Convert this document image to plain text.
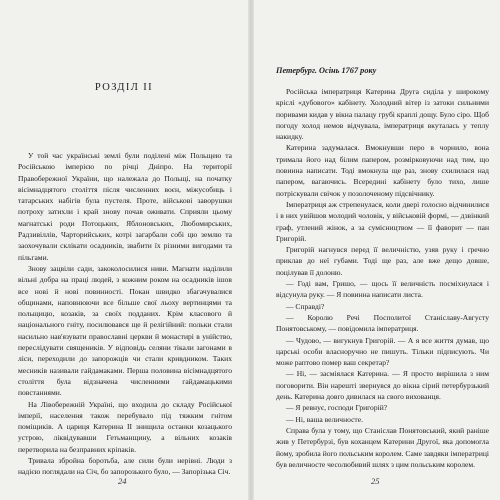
РОЗДІЛ ІІ

У той час українські землі були поділені між Польщею та Російською імперією по річці Дніпро. На території Правобережної України, що належала до Польщі, на початку вісімнадцятого століття після численних воєн, міжусобиць і татарських набігів була пустеля. Проте, військові заворушки потроху затихли і край знову почав оживати. Сприяли цьому магнатські роди Потоцьких, Яблоновських, Любомирських, Радзивіллів, Чарторийських, котрі загарбали собі цю землю та заохочували склікати осадників, звабити їх різними вигодами та пільгами.

Знову зацвіли сади, закоколосилися ниви. Магнати наділили вільні добра на праці людей, з кожним роком на осадників ішов все нові й нові повинності. Покан швидко збагачувалися общинами, наповнюючи все більше свої льоху вертинцями та польщицю, козаків, за своїх подданих. Крім класового й національного гніту, посилювався ще й релігійний: польки стали насильно нав'язувати православні церкви й монастирі в унійство, переслідувати священиків. У відповідь селяни тікали загонами в ліси, переходили до запорожців чи стали кривдником. Таких месників називали гайдамаками. Перша половина вісімнадцятого століття була відзначена численними гайдамацькими повстаннями.

На Лівобережній Україні, що входила до складу Російської імперії, населення також перебувало під тяжким гнітом поміщиків. А цариця Катерина ІІ знищила останки козацького устрою, ліквідувавши Гетьманщину, а вільних козаків перетворила на безправних кріпаків.

Тривала збройна боротьба, але сили були нерівні. Люди з надією поглядали на Січ, бо запорозького було, — Запорізька Січ.

24
Петербург. Осінь 1767 року

Російська імператриця Катерина Друга сиділа у широкому кріслі «дубового» кабінету. Холодний вітер із затоки сильними поривами кидав у вікна палацу грубі краплі дощу. Було сіро. Щоб погоду холод немов відчувала, імператриця вкуталась у теплу накидку.

Катерина задумалася. Вмокнувши перо в чорнило, вона тримала його над білим папером, розмірковуючи над тим, що повинна написати. Тоді вмокнула ще раз, знову схилилася над папером, вагаючись. Всередині кабінету було тихо, лише потріскували свічок у позолоченому підсвічнику.

Імператриця аж стрепенулася, коли двері голосно відчинилися і в них увійшов молодий чоловік, у військовій формі, — дзвінкий граф, утлений жінок, а за сумісництвом — її фаворит — пан Григорій.

Григорій нагнувся перед її величністю, узяв руку і ґречно приклав до неї губами. Тоді ще раз, але вже дещо довше, поцілував її долоню.

— Годі вам, Гришо, — щось її величність посміхнулася і відсунула руку. — Я повинна написати листа.

— Справді?

— Королю Речі Посполитої Станіславу-Августу Понятовському, — повідомила імператриця.

— Чудово, — вигукнув Григорій. — А я все життя думав, що царські особи власноручно не пишуть. Тільки підписують. Чи може раптово помер ваш секретар?

— Ні, — засміялася Катерина. — Я просто вирішила з ним поговорити. Він нарешті звернувся до вікна сірий петербурзький день. Катерина довго дивилася на свого вихованця.

— Я ревнує, господи Григорій?

— Ні, ваша величносте.

Справа була у тому, що Станіслав Понятовський, який раніше жив у Петербурзі, був коханцем Катерини Другої, яка допомогла йому, зробила його польським королем. Саме завдяки імператриці був величносте чесолюбивий шлях з цим польським королем.

25
